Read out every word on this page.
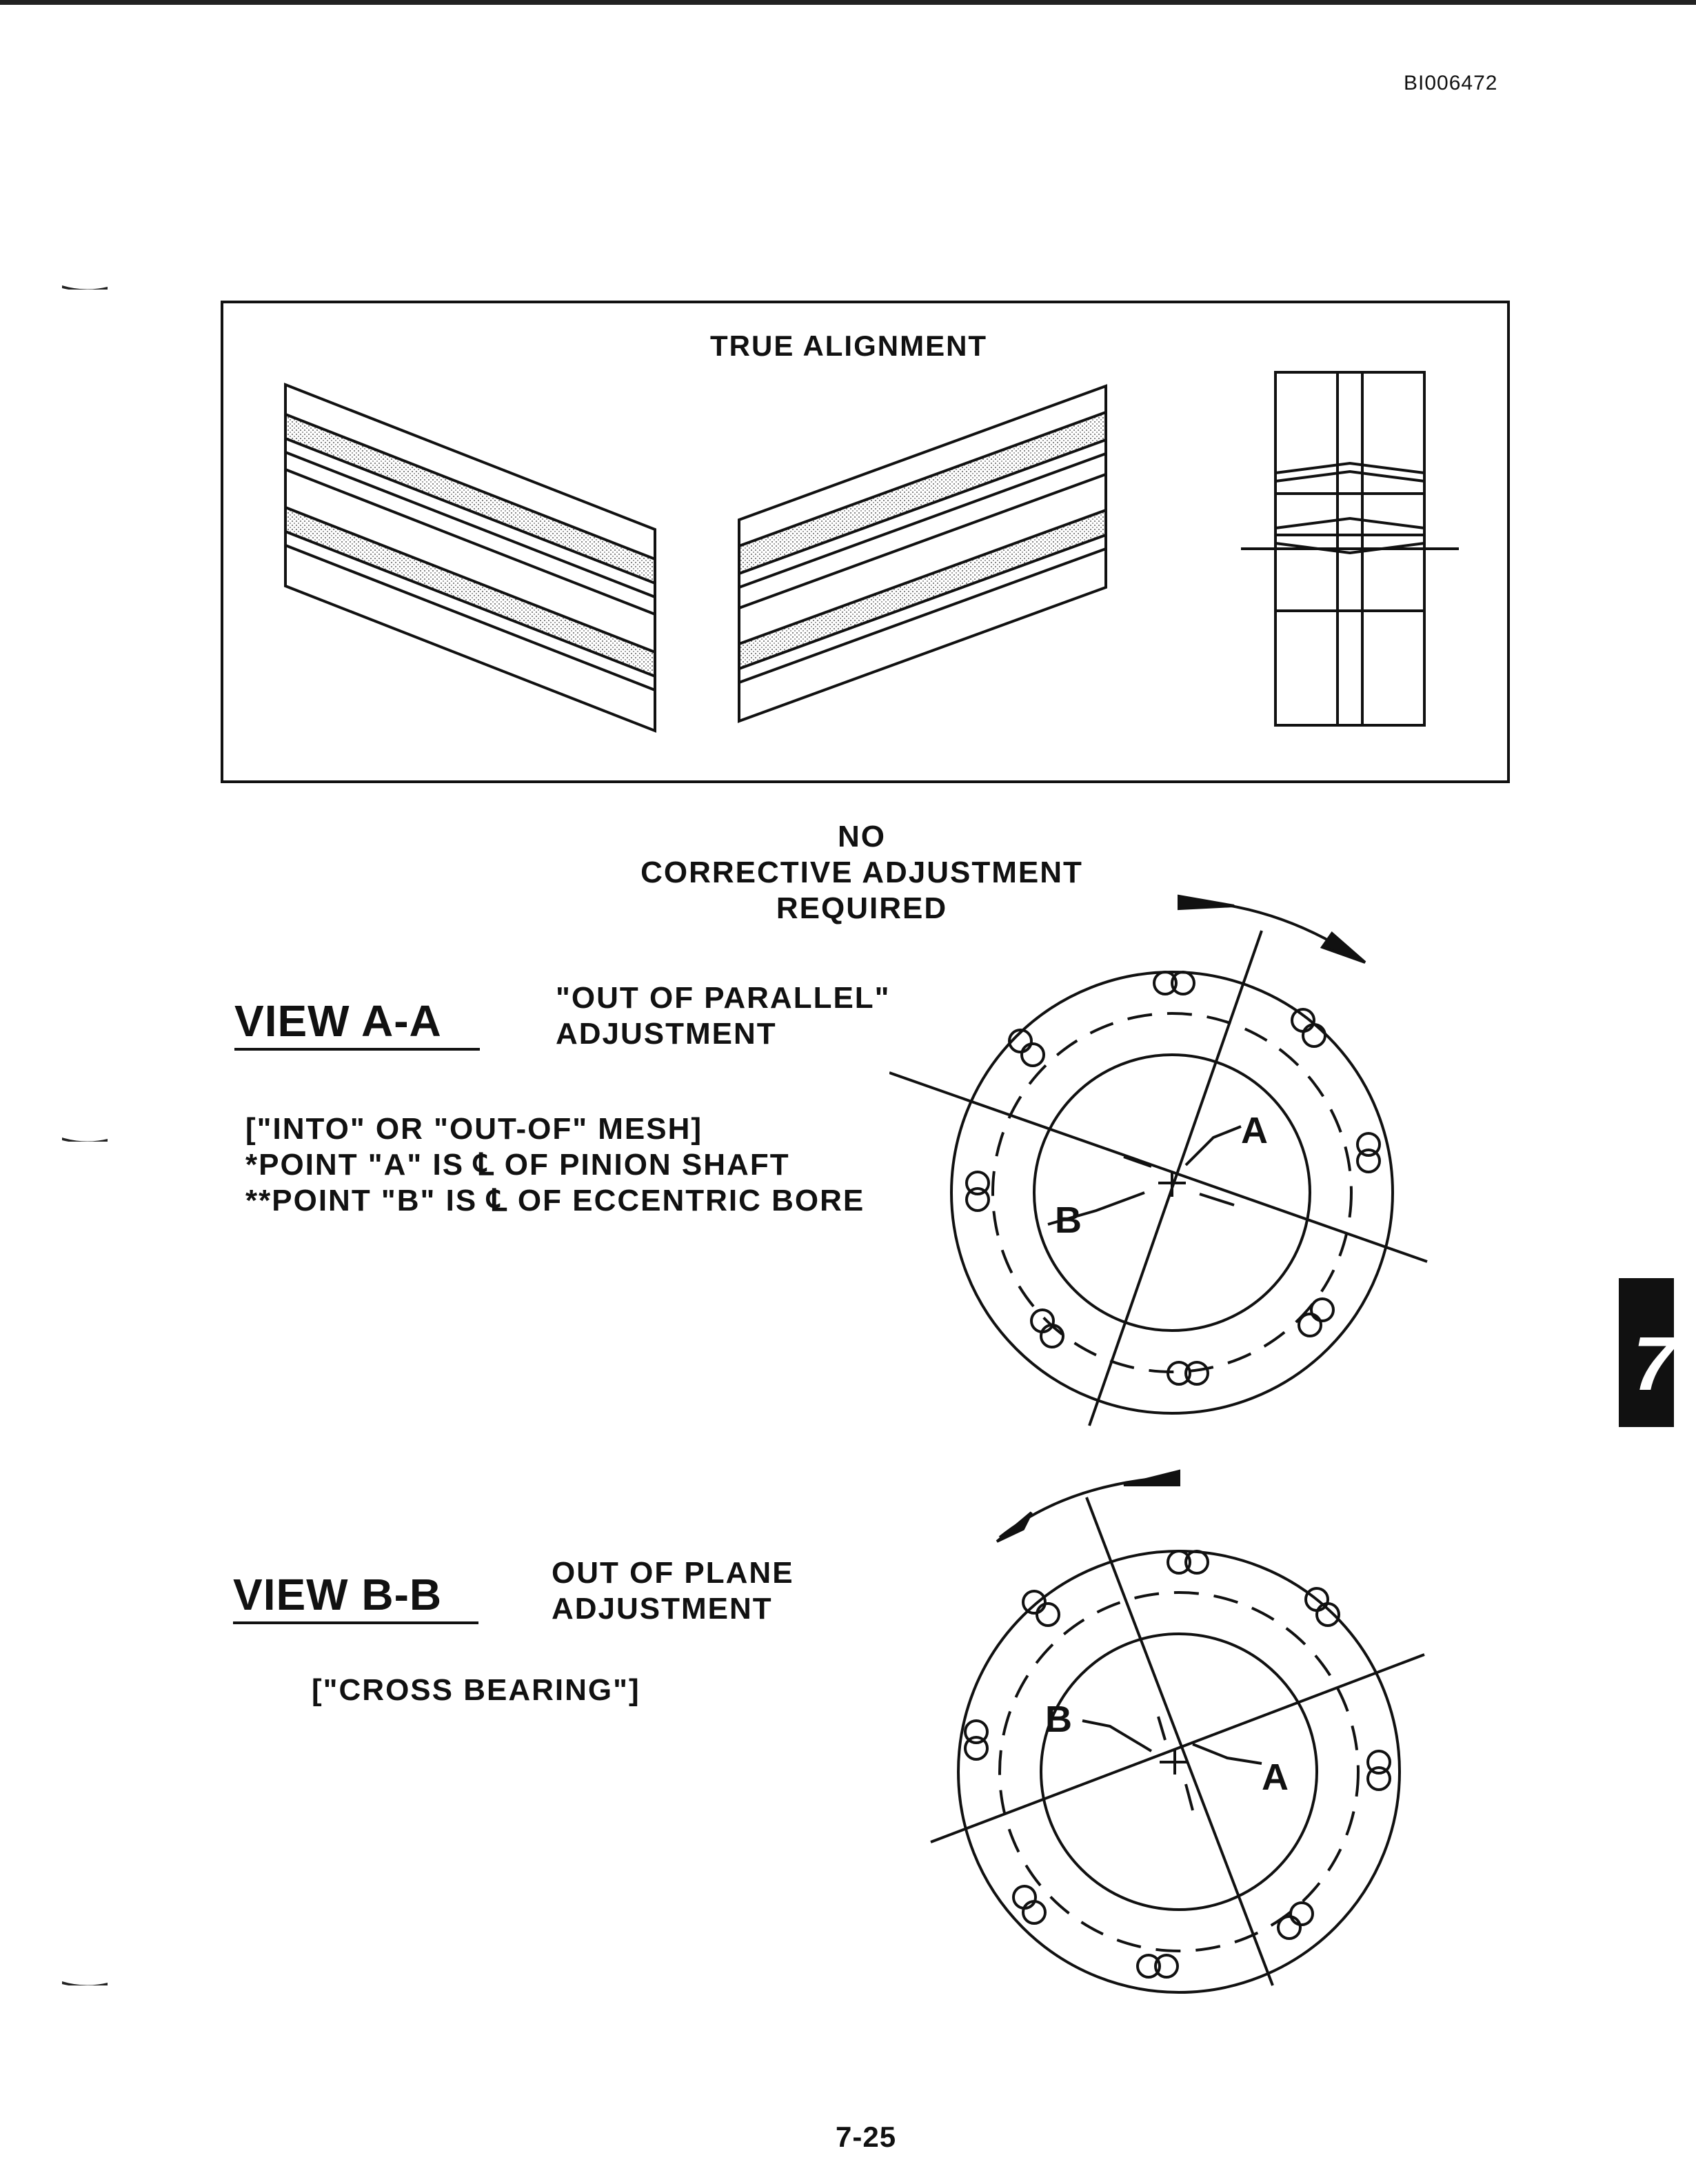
BI006472
TRUE ALIGNMENT
NO
CORRECTIVE ADJUSTMENT
REQUIRED
VIEW A-A	"OUT OF PARALLEL"
ADJUSTMENT
["INTO" OR "OUT-OF" MESH]
*POINT "A" IS ℄ OF PINION SHAFT
**POINT "B" IS ℄ OF ECCENTRIC BORE
A
B
VIEW B-B	OUT OF PLANE
ADJUSTMENT
["CROSS BEARING"]
B
A
7
7-25
